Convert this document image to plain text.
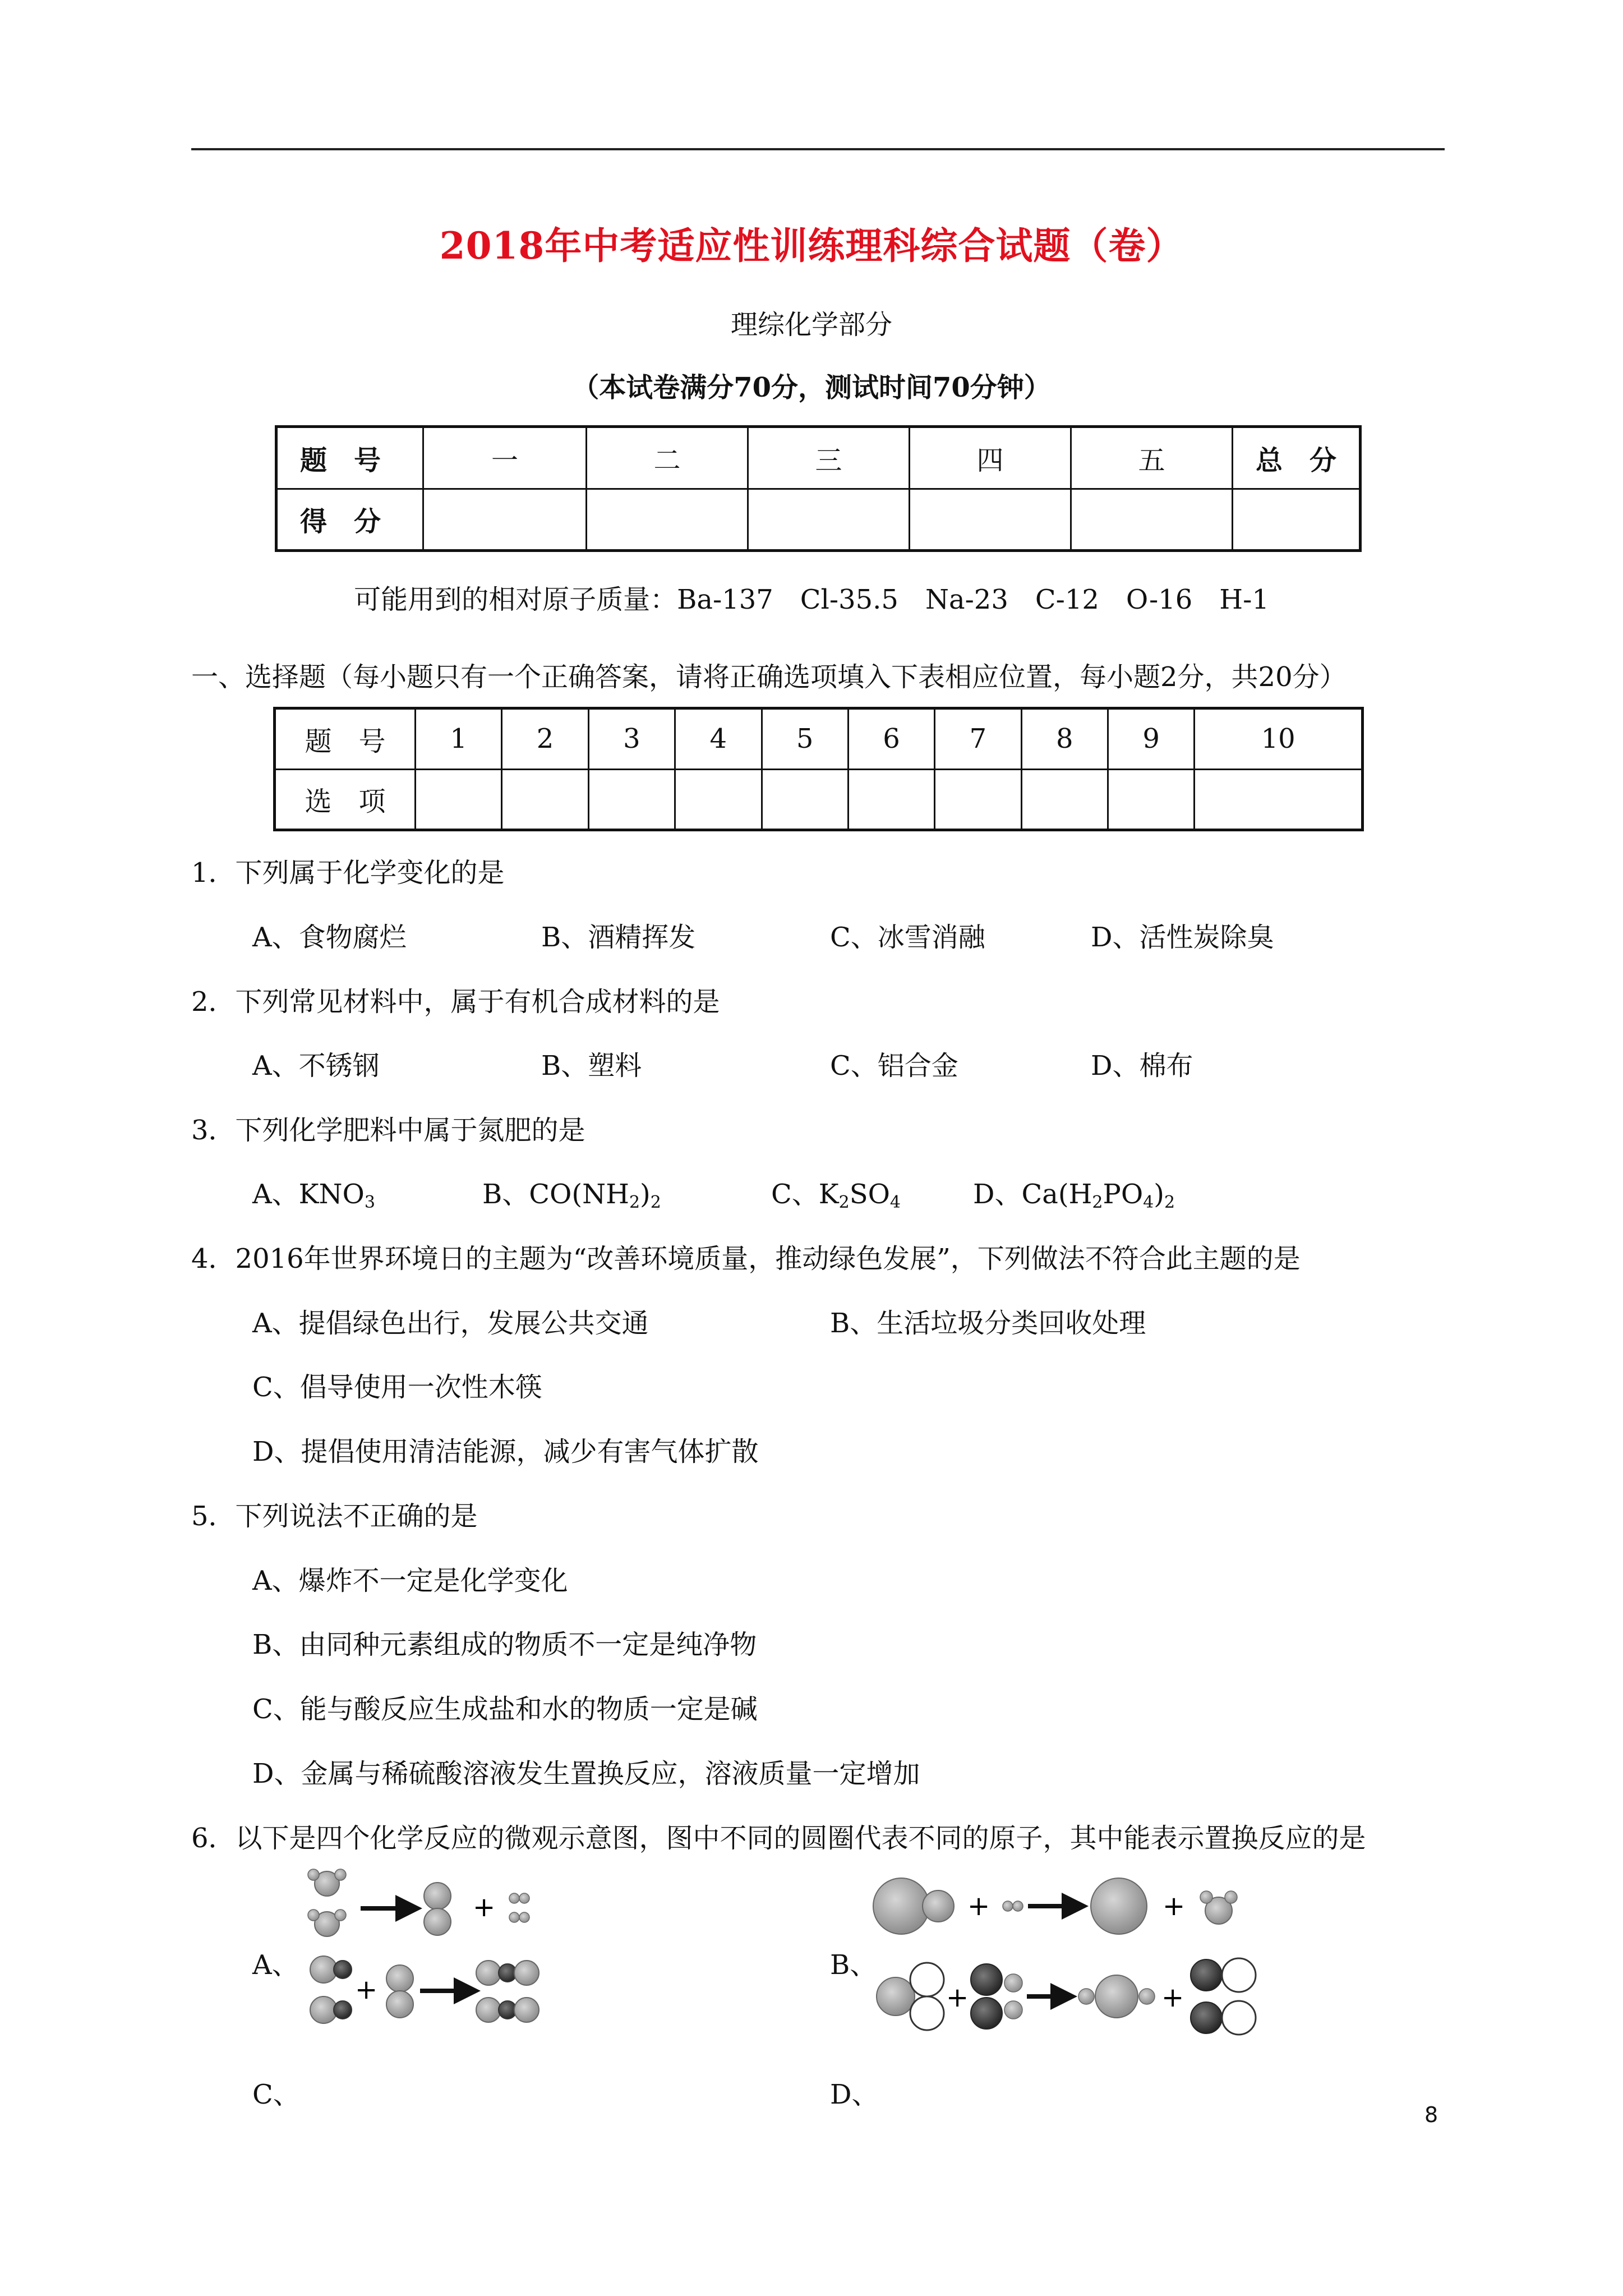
2018年中考适应性训练理科综合试题（卷）
理综化学部分
（本试卷满分70分，测试时间70分钟）
题　号	一	二	三	四	五	总　分
得　分						
可能用到的相对原子质量：Ba-137　Cl-35.5　Na-23　C-12　O-16　H-1
一、选择题（每小题只有一个正确答案，请将正确选项填入下表相应位置，每小题2分，共20分）
题　号	1	2	3	4	5	6	7	8	9	10
选　项										
1．下列属于化学变化的是
A、食物腐烂	B、酒精挥发	C、冰雪消融	D、活性炭除臭
2．下列常见材料中，属于有机合成材料的是
A、不锈钢	B、塑料	C、铝合金	D、棉布
3．下列化学肥料中属于氮肥的是
A、$KNO_3$	B、$CO(NH_2)_2$	C、$K_2SO_4$	D、$Ca(H_2PO_4)_2$
4．2016年世界环境日的主题为“改善环境质量，推动绿色发展”，下列做法不符合此主题的是
A、提倡绿色出行，发展公共交通	B、生活垃圾分类回收处理
C、倡导使用一次性木筷
D、提倡使用清洁能源，减少有害气体扩散
5．下列说法不正确的是
A、爆炸不一定是化学变化
B、由同种元素组成的物质不一定是纯净物
C、能与酸反应生成盐和水的物质一定是碱
D、金属与稀硫酸溶液发生置换反应，溶液质量一定增加
6．以下是四个化学反应的微观示意图，图中不同的圆圈代表不同的原子，其中能表示置换反应的是
A、	B、
C、	D、
+	+	+
+	+	+
8
